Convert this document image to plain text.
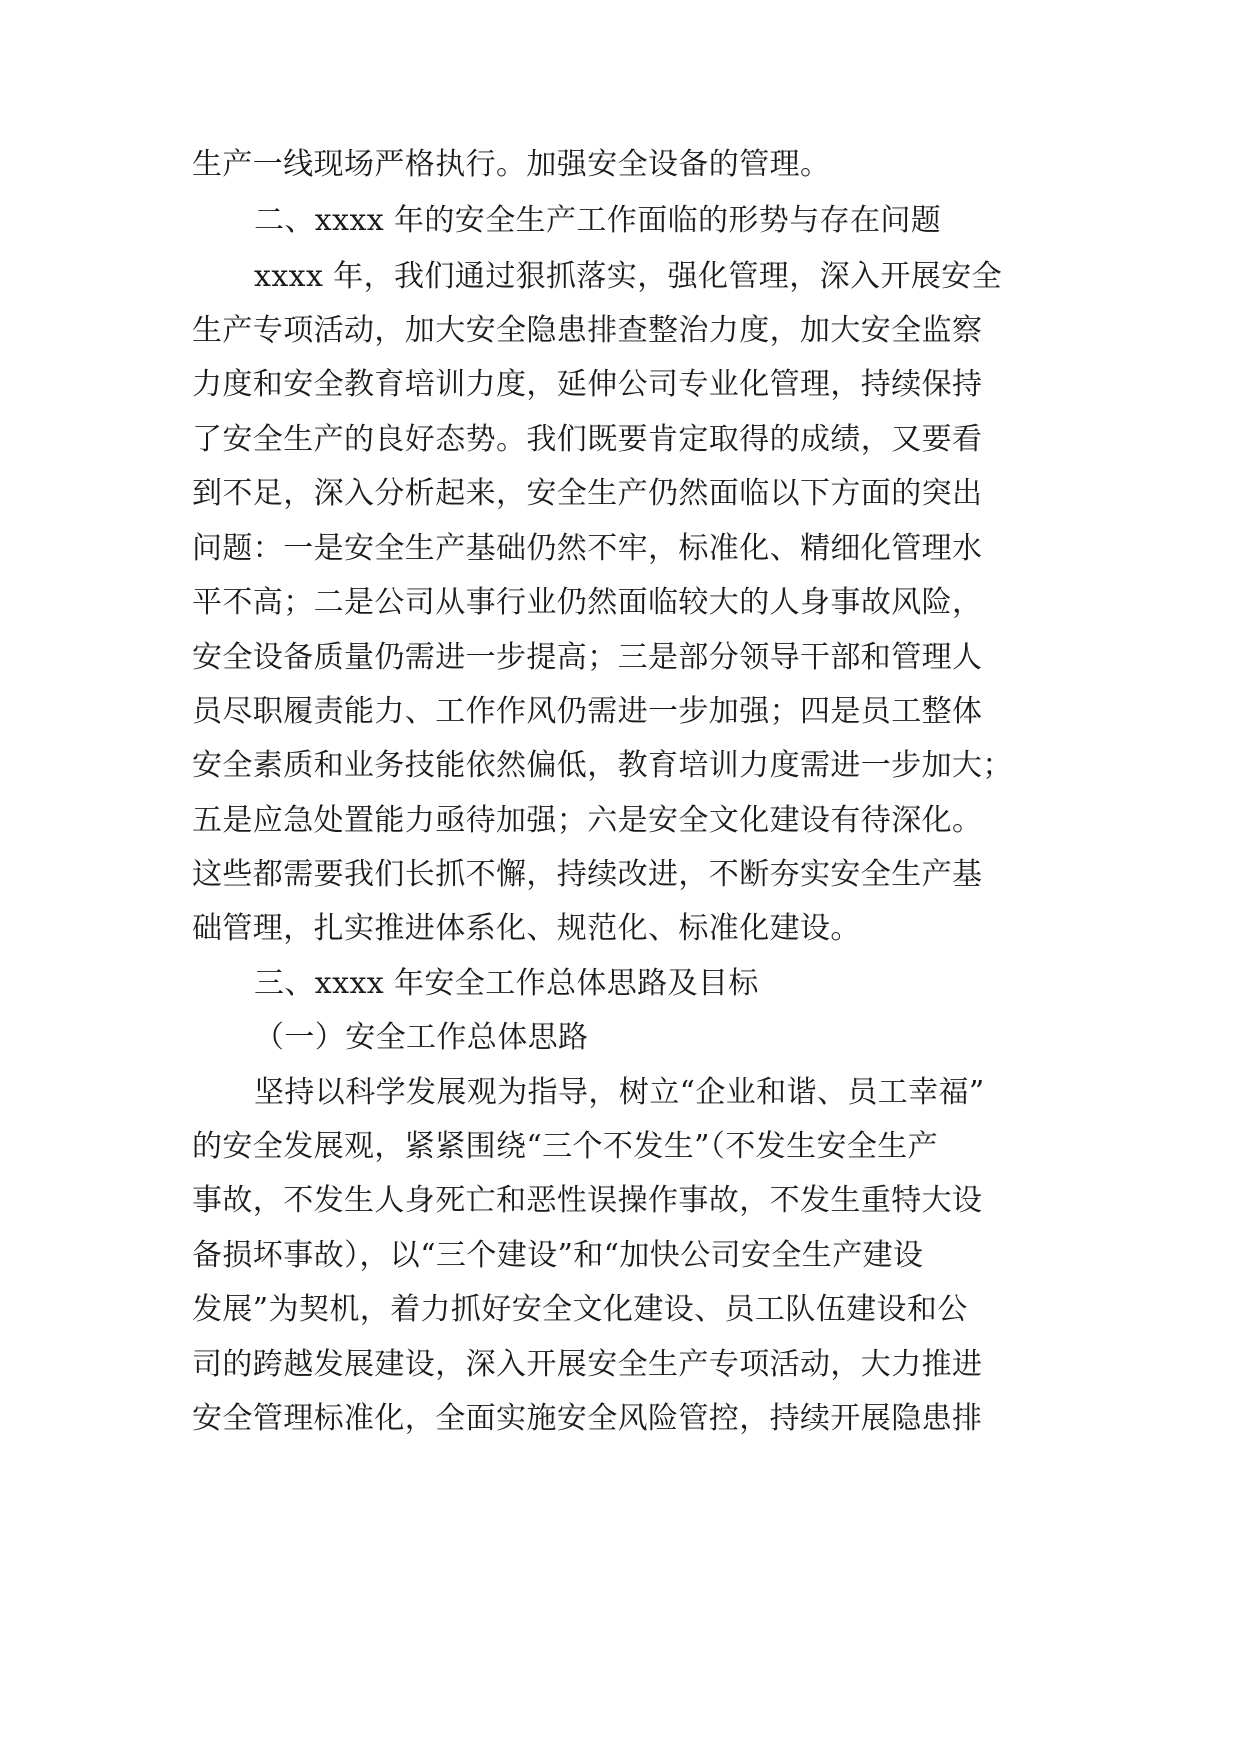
生产一线现场严格执行。加强安全设备的管理。
二、xxxx 年的安全生产工作面临的形势与存在问题
xxxx 年，我们通过狠抓落实，强化管理，深入开展安全
生产专项活动，加大安全隐患排查整治力度，加大安全监察
力度和安全教育培训力度，延伸公司专业化管理，持续保持
了安全生产的良好态势。我们既要肯定取得的成绩，又要看
到不足，深入分析起来，安全生产仍然面临以下方面的突出
问题：一是安全生产基础仍然不牢，标准化、精细化管理水
平不高；二是公司从事行业仍然面临较大的人身事故风险，
安全设备质量仍需进一步提高；三是部分领导干部和管理人
员尽职履责能力、工作作风仍需进一步加强；四是员工整体
安全素质和业务技能依然偏低，教育培训力度需进一步加大；
五是应急处置能力亟待加强；六是安全文化建设有待深化。
这些都需要我们长抓不懈，持续改进，不断夯实安全生产基
础管理，扎实推进体系化、规范化、标准化建设。
三、xxxx 年安全工作总体思路及目标
（一）安全工作总体思路
坚持以科学发展观为指导，树立“企业和谐、员工幸福”
的安全发展观，紧紧围绕“三个不发生”（不发生安全生产
事故，不发生人身死亡和恶性误操作事故，不发生重特大设
备损坏事故），以“三个建设”和“加快公司安全生产建设
发展”为契机，着力抓好安全文化建设、员工队伍建设和公
司的跨越发展建设，深入开展安全生产专项活动，大力推进
安全管理标准化，全面实施安全风险管控，持续开展隐患排
